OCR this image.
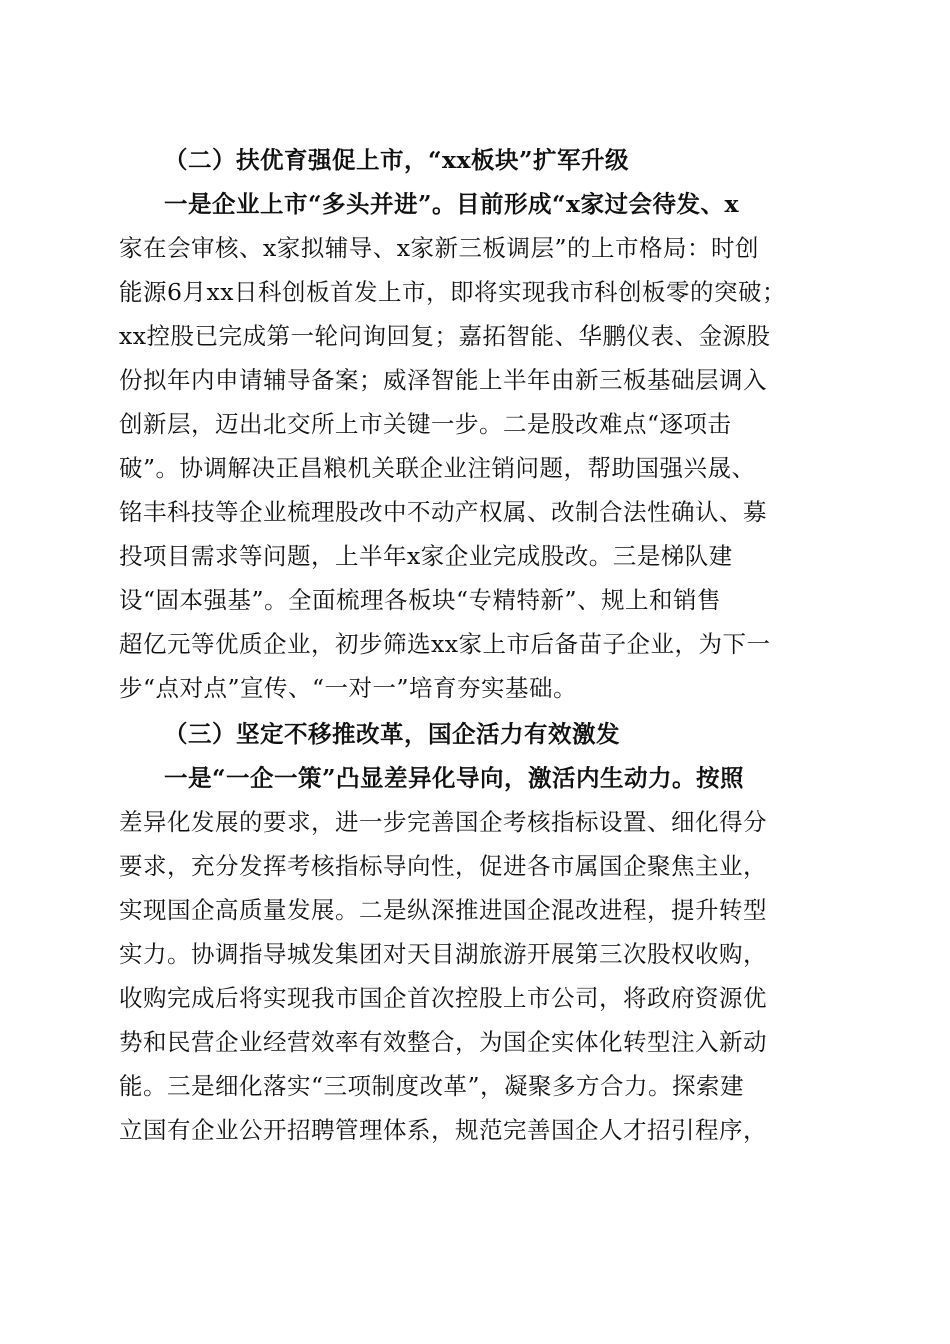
（二）扶优育强促上市，“xx板块”扩军升级
一是企业上市“多头并进”。目前形成“x家过会待发、x
家在会审核、x家拟辅导、x家新三板调层”的上市格局：时创
能源6月xx日科创板首发上市，即将实现我市科创板零的突破；
xx控股已完成第一轮问询回复；嘉拓智能、华鹏仪表、金源股
份拟年内申请辅导备案；威泽智能上半年由新三板基础层调入
创新层，迈出北交所上市关键一步。二是股改难点“逐项击
破”。协调解决正昌粮机关联企业注销问题，帮助国强兴晟、
铭丰科技等企业梳理股改中不动产权属、改制合法性确认、募
投项目需求等问题，上半年x家企业完成股改。三是梯队建
设“固本强基”。全面梳理各板块“专精特新”、规上和销售
超亿元等优质企业，初步筛选xx家上市后备苗子企业，为下一
步“点对点”宣传、“一对一”培育夯实基础。
（三）坚定不移推改革，国企活力有效激发
一是“一企一策”凸显差异化导向，激活内生动力。按照
差异化发展的要求，进一步完善国企考核指标设置、细化得分
要求，充分发挥考核指标导向性，促进各市属国企聚焦主业，
实现国企高质量发展。二是纵深推进国企混改进程，提升转型
实力。协调指导城发集团对天目湖旅游开展第三次股权收购，
收购完成后将实现我市国企首次控股上市公司，将政府资源优
势和民营企业经营效率有效整合，为国企实体化转型注入新动
能。三是细化落实“三项制度改革”，凝聚多方合力。探索建
立国有企业公开招聘管理体系，规范完善国企人才招引程序，
